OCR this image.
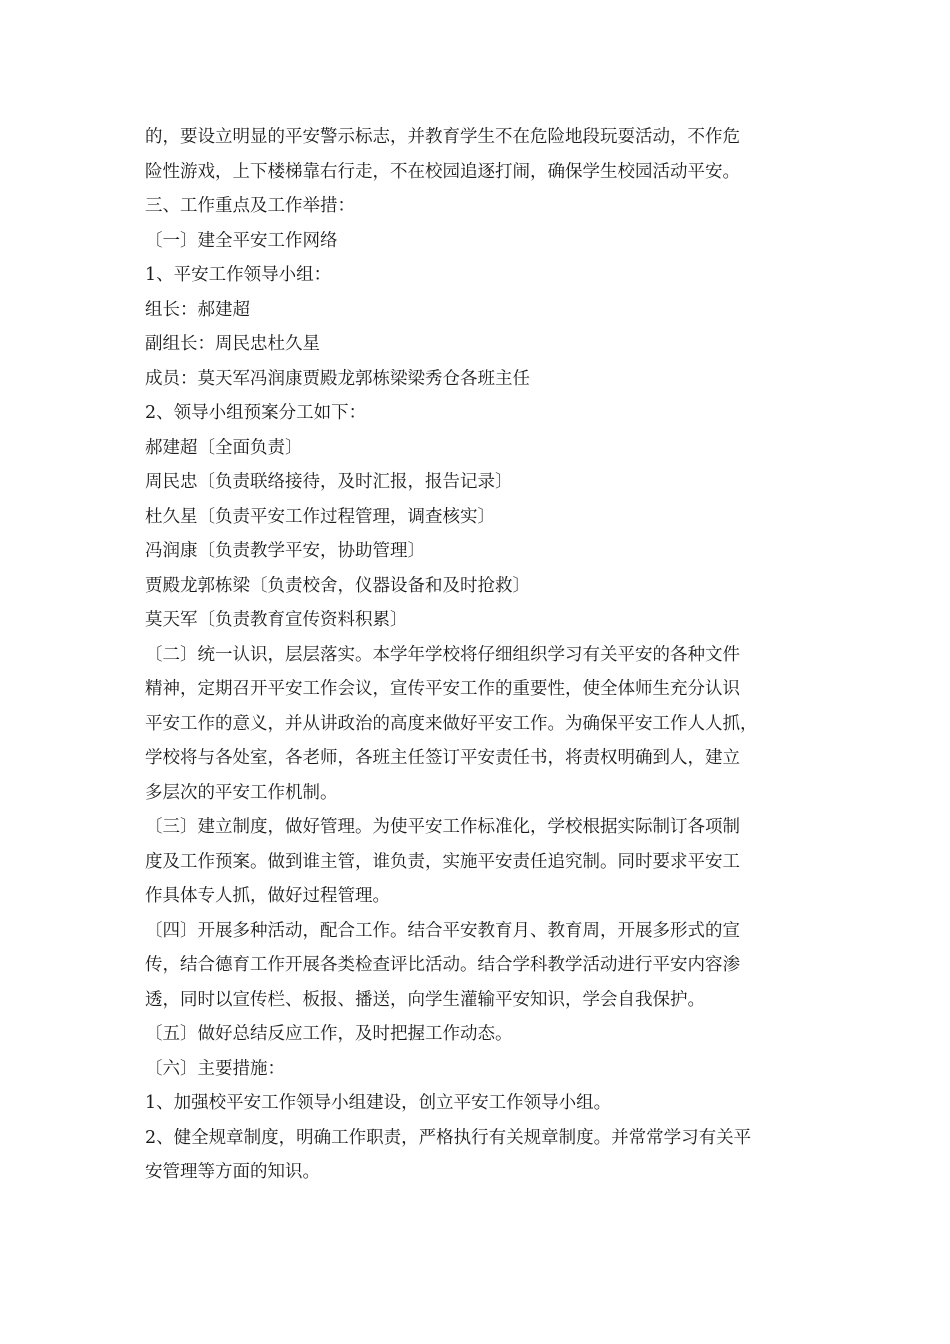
的，要设立明显的平安警示标志，并教育学生不在危险地段玩耍活动，不作危
险性游戏，上下楼梯靠右行走，不在校园追逐打闹，确保学生校园活动平安。
三、工作重点及工作举措：
〔一〕建全平安工作网络
1、平安工作领导小组：
组长：郝建超
副组长：周民忠杜久星
成员：莫天军冯润康贾殿龙郭栋梁梁秀仓各班主任
2、领导小组预案分工如下：
郝建超〔全面负责〕
周民忠〔负责联络接待，及时汇报，报告记录〕
杜久星〔负责平安工作过程管理，调查核实〕
冯润康〔负责教学平安，协助管理〕
贾殿龙郭栋梁〔负责校舍，仪器设备和及时抢救〕
莫天军〔负责教育宣传资料积累〕
〔二〕统一认识，层层落实。本学年学校将仔细组织学习有关平安的各种文件
精神，定期召开平安工作会议，宣传平安工作的重要性，使全体师生充分认识
平安工作的意义，并从讲政治的高度来做好平安工作。为确保平安工作人人抓，
学校将与各处室，各老师，各班主任签订平安责任书，将责权明确到人，建立
多层次的平安工作机制。
〔三〕建立制度，做好管理。为使平安工作标准化，学校根据实际制订各项制
度及工作预案。做到谁主管，谁负责，实施平安责任追究制。同时要求平安工
作具体专人抓，做好过程管理。
〔四〕开展多种活动，配合工作。结合平安教育月、教育周，开展多形式的宣
传，结合德育工作开展各类检查评比活动。结合学科教学活动进行平安内容渗
透，同时以宣传栏、板报、播送，向学生灌输平安知识，学会自我保护。
〔五〕做好总结反应工作，及时把握工作动态。
〔六〕主要措施：
1、加强校平安工作领导小组建设，创立平安工作领导小组。
2、健全规章制度，明确工作职责，严格执行有关规章制度。并常常学习有关平
安管理等方面的知识。
